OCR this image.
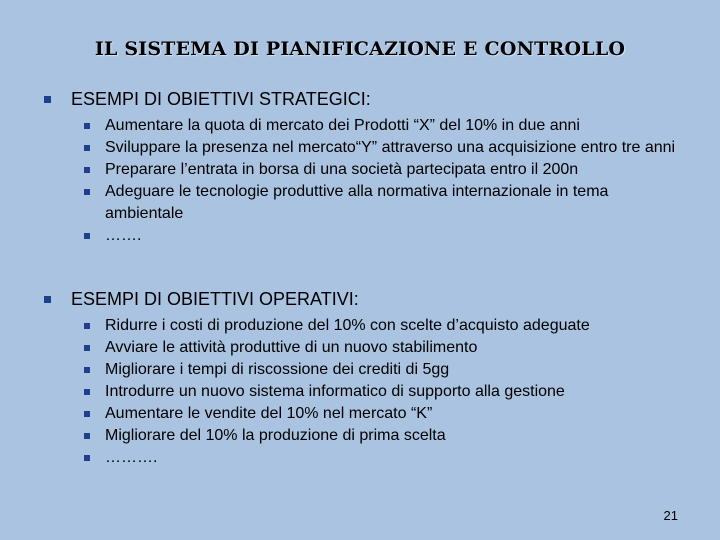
IL SISTEMA DI PIANIFICAZIONE E CONTROLLO
ESEMPI DI OBIETTIVI STRATEGICI:
Aumentare la quota di mercato dei Prodotti “X” del 10% in due anni
Sviluppare la presenza nel mercato“Y” attraverso una acquisizione entro tre anni
Preparare l’entrata in borsa di una società partecipata entro il 200n
Adeguare le tecnologie produttive alla normativa internazionale in tema ambientale
…….
ESEMPI DI OBIETTIVI OPERATIVI:
Ridurre i costi di produzione del 10% con scelte d’acquisto adeguate
Avviare le attività produttive di un nuovo stabilimento
Migliorare i tempi di riscossione dei crediti di 5gg
Introdurre un nuovo sistema informatico di supporto alla gestione
Aumentare le vendite del 10% nel mercato “K”
Migliorare del 10% la produzione di prima scelta
……….
21
